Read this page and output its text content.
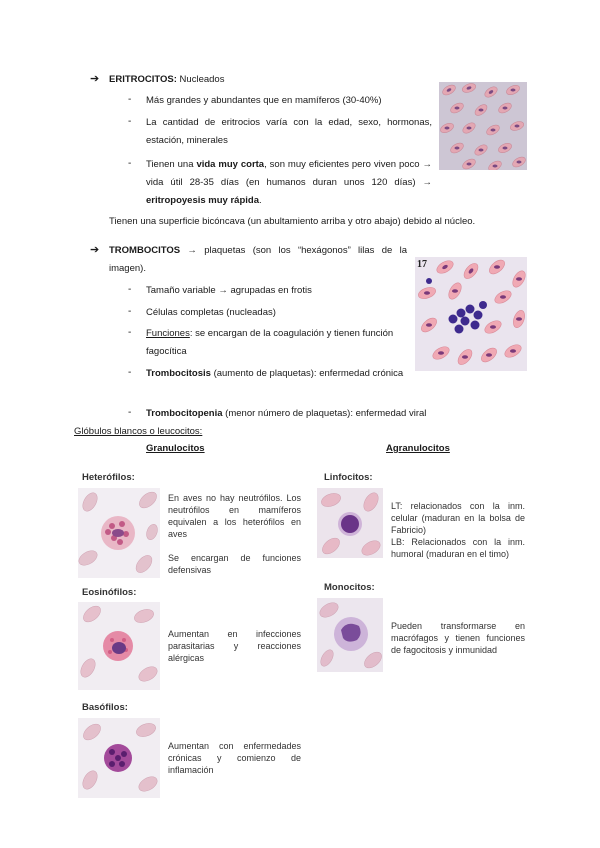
➔ ERITROCITOS: Nucleados
- Más grandes y abundantes que en mamíferos (30-40%)
- La cantidad de eritrocios varía con la edad, sexo, hormonas, estación, minerales
- Tienen una vida muy corta, son muy eficientes pero viven poco → vida útil 28-35 días (en humanos duran unos 120 días) → eritropoyesis muy rápida.
Tienen una superficie bicóncava (un abultamiento arriba y otro abajo) debido al núcleo.
➔ TROMBOCITOS → plaquetas (son los “hexágonos” lilas de la imagen).
- Tamaño variable → agrupadas en frotis
- Células completas (nucleadas)
- Funciones: se encargan de la coagulación y tienen función fagocítica
- Trombocitosis (aumento de plaquetas): enfermedad crónica
- Trombocitopenia (menor número de plaquetas): enfermedad viral
17
Glóbulos blancos o leucocitos:
Granulocitos	Agranulocitos
Heterófilos:
En aves no hay neutrófilos. Los neutrófilos en mamíferos equivalen a los heterófilos en aves
Se encargan de funciones defensivas
Eosinófilos:
Aumentan en infecciones parasitarias y reacciones alérgicas
Basófilos:
Aumentan con enfermedades crónicas y comienzo de inflamación
Linfocitos:
LT: relacionados con la inm. celular (maduran en la bolsa de Fabricio)
LB: Relacionados con la inm. humoral (maduran en el timo)
Monocitos:
Pueden transformarse en macrófagos y tienen funciones de fagocitosis y inmunidad
